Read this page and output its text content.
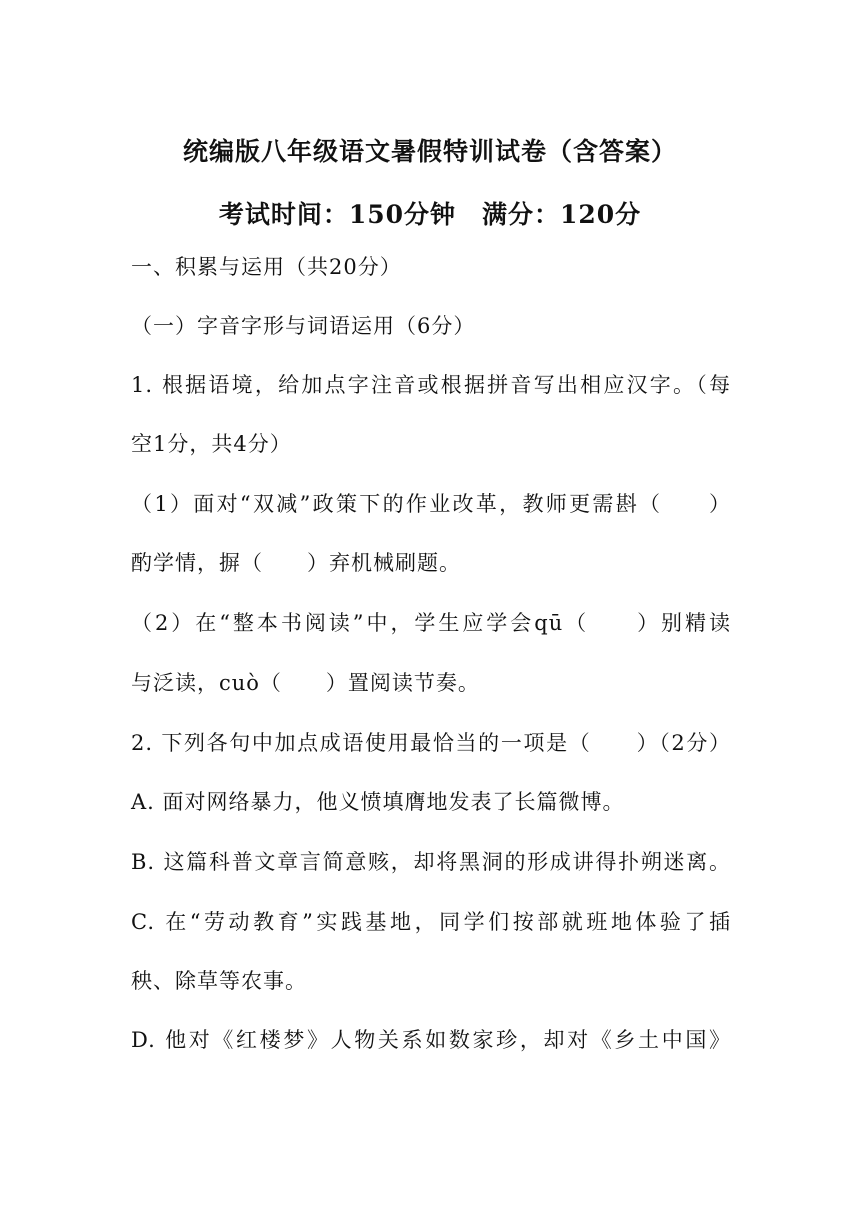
统编版八年级语文暑假特训试卷（含答案）
考试时间：150分钟　满分：120分
一、积累与运用（共20分）
（一）字音字形与词语运用（6分）
1. 根据语境，给加点字注音或根据拼音写出相应汉字。（每
空1分，共4分）
（1）面对“双减”政策下的作业改革，教师更需斟（　　）
酌学情，摒（　　）弃机械刷题。
（2）在“整本书阅读”中，学生应学会qū（　　）别精读
与泛读，cuò（　　）置阅读节奏。
2. 下列各句中加点成语使用最恰当的一项是（　　）（2分）
A. 面对网络暴力，他义愤填膺地发表了长篇微博。
B. 这篇科普文章言简意赅，却将黑洞的形成讲得扑朔迷离。
C. 在“劳动教育”实践基地，同学们按部就班地体验了插
秧、除草等农事。
D. 他对《红楼梦》人物关系如数家珍，却对《乡土中国》
